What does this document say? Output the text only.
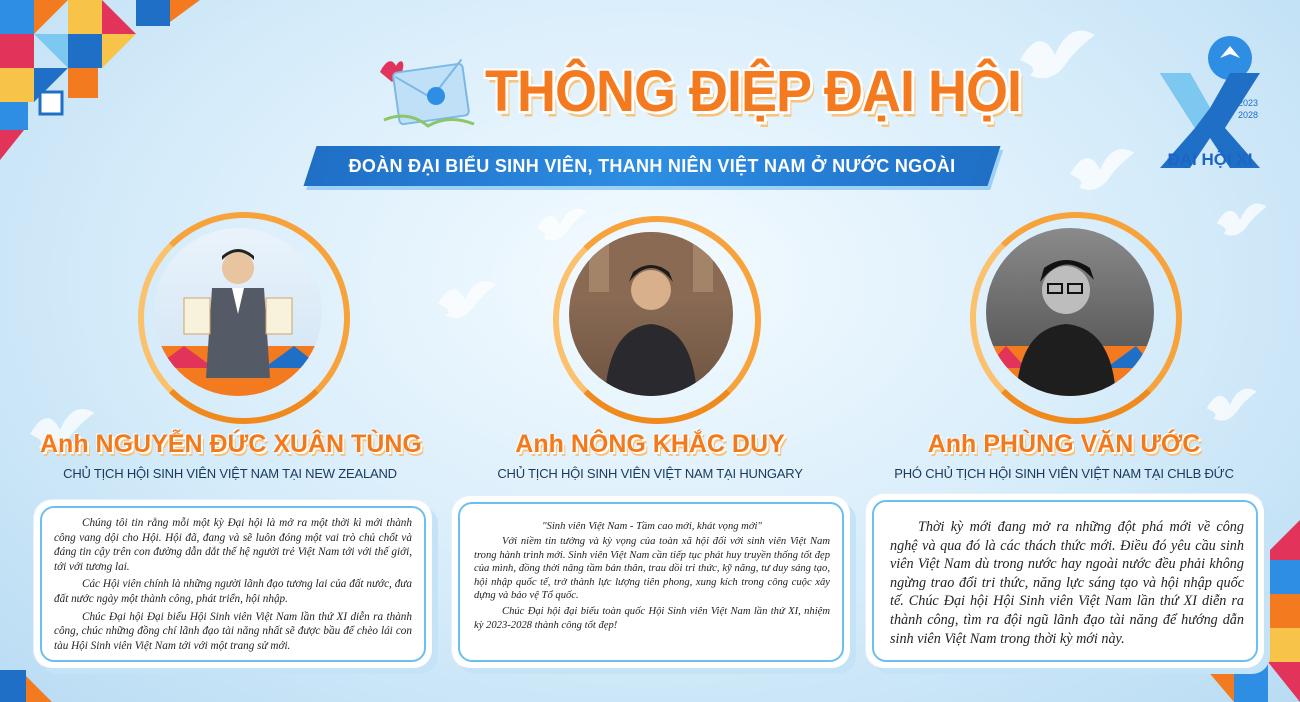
THÔNG ĐIỆP ĐẠI HỘI
ĐOÀN ĐẠI BIỂU SINH VIÊN, THANH NIÊN VIỆT NAM Ở NƯỚC NGOÀI
2023
2028
ĐẠI HỘI XI
Anh NGUYỄN ĐỨC XUÂN TÙNG
CHỦ TỊCH HỘI SINH VIÊN VIỆT NAM TẠI NEW ZEALAND

Chúng tôi tin rằng mỗi một kỳ Đại hội là mở ra một thời kì mới thành công vang dội cho Hội. Hội đã, đang và sẽ luôn đóng một vai trò chủ chốt và đáng tin cậy trên con đường dẫn dắt thế hệ người trẻ Việt Nam tới với thế giới, tới với tương lai.

Các Hội viên chính là những người lãnh đạo tương lai của đất nước, đưa đất nước ngày một thành công, phát triển, hội nhập.

Chúc Đại hội Đại biểu Hội Sinh viên Việt Nam lần thứ XI diễn ra thành công, chúc những đồng chí lãnh đạo tài năng nhất sẽ được bầu để chèo lái con tàu Hội Sinh viên Việt Nam tới với một trang sử mới.

Anh NÔNG KHẮC DUY
CHỦ TỊCH HỘI SINH VIÊN VIỆT NAM TẠI HUNGARY
"Sinh viên Việt Nam - Tầm cao mới, khát vọng mới"

Với niềm tin tưởng và kỳ vọng của toàn xã hội đối với sinh viên Việt Nam trong hành trình mới. Sinh viên Việt Nam cần tiếp tục phát huy truyền thống tốt đẹp của mình, đồng thời nâng tầm bản thân, trau dồi tri thức, kỹ năng, tư duy sáng tạo, hội nhập quốc tế, trở thành lực lượng tiên phong, xung kích trong công cuộc xây dựng và bảo vệ Tổ quốc.

Chúc Đại hội đại biểu toàn quốc Hội Sinh viên Việt Nam lần thứ XI, nhiệm kỳ 2023-2028 thành công tốt đẹp!

Anh PHÙNG VĂN ƯỚC
PHÓ CHỦ TỊCH HỘI SINH VIÊN VIỆT NAM TẠI CHLB ĐỨC

Thời kỳ mới đang mở ra những đột phá mới về công nghệ và qua đó là các thách thức mới. Điều đó yêu cầu sinh viên Việt Nam dù trong nước hay ngoài nước đều phải không ngừng trao đổi tri thức, năng lực sáng tạo và hội nhập quốc tế. Chúc Đại hội Hội Sinh viên Việt Nam lần thứ XI diễn ra thành công, tìm ra đội ngũ lãnh đạo tài năng để hướng dẫn sinh viên Việt Nam trong thời kỳ mới này.
